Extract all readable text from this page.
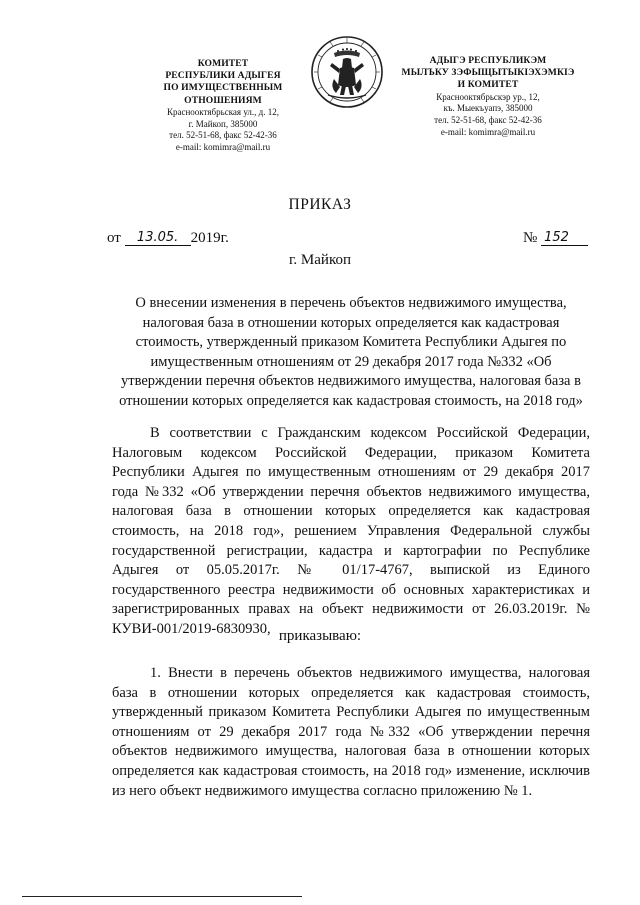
КОМИТЕТ
РЕСПУБЛИКИ АДЫГЕЯ
ПО ИМУЩЕСТВЕННЫМ ОТНОШЕНИЯМ
Краснооктябрьская ул., д. 12,
г. Майкоп, 385000
тел. 52-51-68, факс 52-42-36
e-mail: komimra@mail.ru
АДЫГЭ РЕСПУБЛИКЭМ
МЫЛЪКУ ЗЭФЫЩЫТЫКІЭХЭМКІЭ
И КОМИТЕТ
Краснооктябрьскэр ур., 12,
къ. Мыекъуапэ, 385000
тел. 52-51-68, факс 52-42-36
e-mail: komimra@mail.ru
ПРИКАЗ
от 13.05. 2019г.	№ 152
г. Майкоп
О внесении изменения в перечень объектов недвижимого имущества, налоговая база в отношении которых определяется как кадастровая стоимость, утвержденный приказом Комитета Республики Адыгея по имущественным отношениям от 29 декабря 2017 года №332 «Об утверждении перечня объектов недвижимого имущества, налоговая база в отношении которых определяется как кадастровая стоимость, на 2018 год»

В соответствии с Гражданским кодексом Российской Федерации, Налоговым кодексом Российской Федерации, приказом Комитета Республики Адыгея по имущественным отношениям от 29 декабря 2017 года №332 «Об утверждении перечня объектов недвижимого имущества, налоговая база в отношении которых определяется как кадастровая стоимость, на 2018 год», решением Управления Федеральной службы государственной регистрации, кадастра и картографии по Республике Адыгея от 05.05.2017г. № 01/17-4767, выпиской из Единого государственного реестра недвижимости об основных характеристиках и зарегистрированных правах на объект недвижимости от 26.03.2019г. № КУВИ-001/2019-6830930, приказываю:

1. Внести в перечень объектов недвижимого имущества, налоговая база в отношении которых определяется как кадастровая стоимость, утвержденный приказом Комитета Республики Адыгея по имущественным отношениям от 29 декабря 2017 года №332 «Об утверждении перечня объектов недвижимого имущества, налоговая база в отношении которых определяется как кадастровая стоимость, на 2018 год» изменение, исключив из него объект недвижимого имущества согласно приложению № 1.
